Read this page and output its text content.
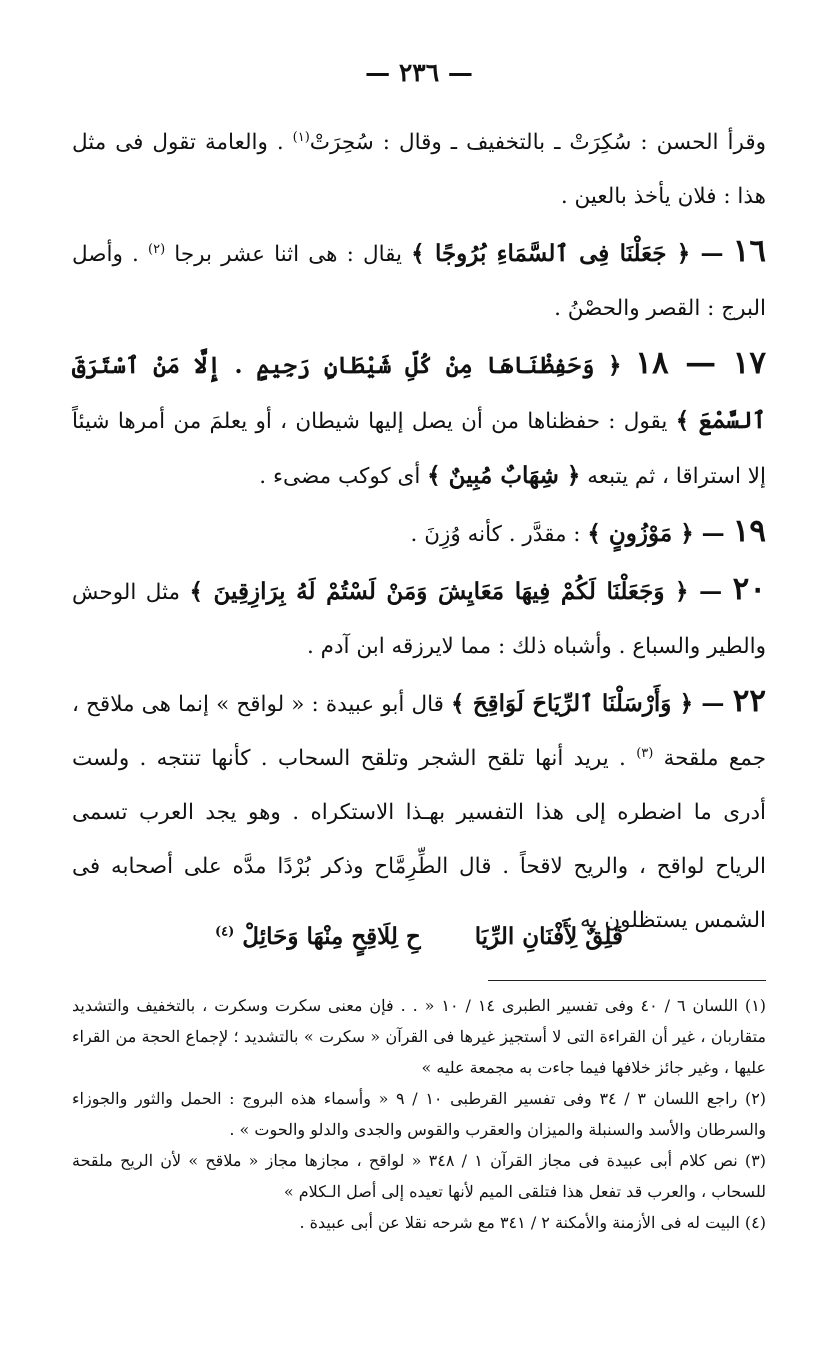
— ٢٣٦ —

وقرأ الحسن : سُكِرَتْ ـ بالتخفيف ـ وقال : سُحِرَتْ$^{(١)}$ . والعامة تقول فى مثل هذا : فلان يأخذ بالعين .

١٦ — ﴿ جَعَلْنَا فِى ٱلسَّمَاءِ بُرُوجًا ﴾ يقال : هى اثنا عشر برجا $^{(٢)}$ . وأصل البرج : القصر والحصْنُ .

١٧ — ١٨ ﴿ وَحَفِظْنَاهَا مِنْ كُلِّ شَيْطَانٍ رَجِيمٍ . إِلَّا مَنْ ٱسْتَرَقَ ٱلسَّمْعَ ﴾ يقول : حفظناها من أن يصل إليها شيطان ، أو يعلمَ من أمرها شيئاً إلا استراقا ، ثم يتبعه ﴿ شِهَابٌ مُبِينٌ ﴾ أى كوكب مضىء .

١٩ — ﴿ مَوْزُونٍ ﴾ : مقدَّر . كأنه وُزِنَ .

٢٠ — ﴿ وَجَعَلْنَا لَكُمْ فِيهَا مَعَايِشَ وَمَنْ لَسْتُمْ لَهُ بِرَازِقِينَ ﴾ مثل الوحش والطير والسباع . وأشباه ذلك : مما لايرزقه ابن آدم .

٢٢ — ﴿ وَأَرْسَلْنَا ٱلرِّيَاحَ لَوَاقِحَ ﴾ قال أبو عبيدة : « لواقح » إنما هى ملاقح ، جمع ملقحة $^{(٣)}$ . يريد أنها تلقح الشجر وتلقح السحاب . كأنها تنتجه . ولست أدرى ما اضطره إلى هذا التفسير بهـذا الاستكراه . وهو يجد العرب تسمى الرياح لواقح ، والريح لاقحاً . قال الطِّرِمَّاح وذكر بُرْدًا مدَّه على أصحابه فى الشمس يستظلون به :

قَلِقٌ لِأَفْنَانِ الرِّيَا
حِ لِلَاقِحٍ مِنْهَا وَحَائِلْ $^{(٤)}$

(١) اللسان ٦ / ٤٠ وفى تفسير الطبرى ١٤ / ١٠ « . . فإن معنى سكرت وسكرت ، بالتخفيف والتشديد متقاربان ، غير أن القراءة التى لا أستجيز غيرها فى القرآن « سكرت » بالتشديد ؛ لإجماع الحجة من القراء عليها ، وغير جائز خلافها فيما جاءت به مجمعة عليه »

(٢) راجع اللسان ٣ / ٣٤ وفى تفسير القرطبى ١٠ / ٩ « وأسماء هذه البروج : الحمل والثور والجوزاء والسرطان والأسد والسنبلة والميزان والعقرب والقوس والجدى والدلو والحوت » .

(٣) نص كلام أبى عبيدة فى مجاز القرآن ١ / ٣٤٨ « لواقح ، مجازها مجاز « ملاقح » لأن الريح ملقحة للسحاب ، والعرب قد تفعل هذا فتلقى الميم لأنها تعيده إلى أصل الـكلام »

(٤) البيت له فى الأزمنة والأمكنة ٢ / ٣٤١ مع شرحه نقلا عن أبى عبيدة .
